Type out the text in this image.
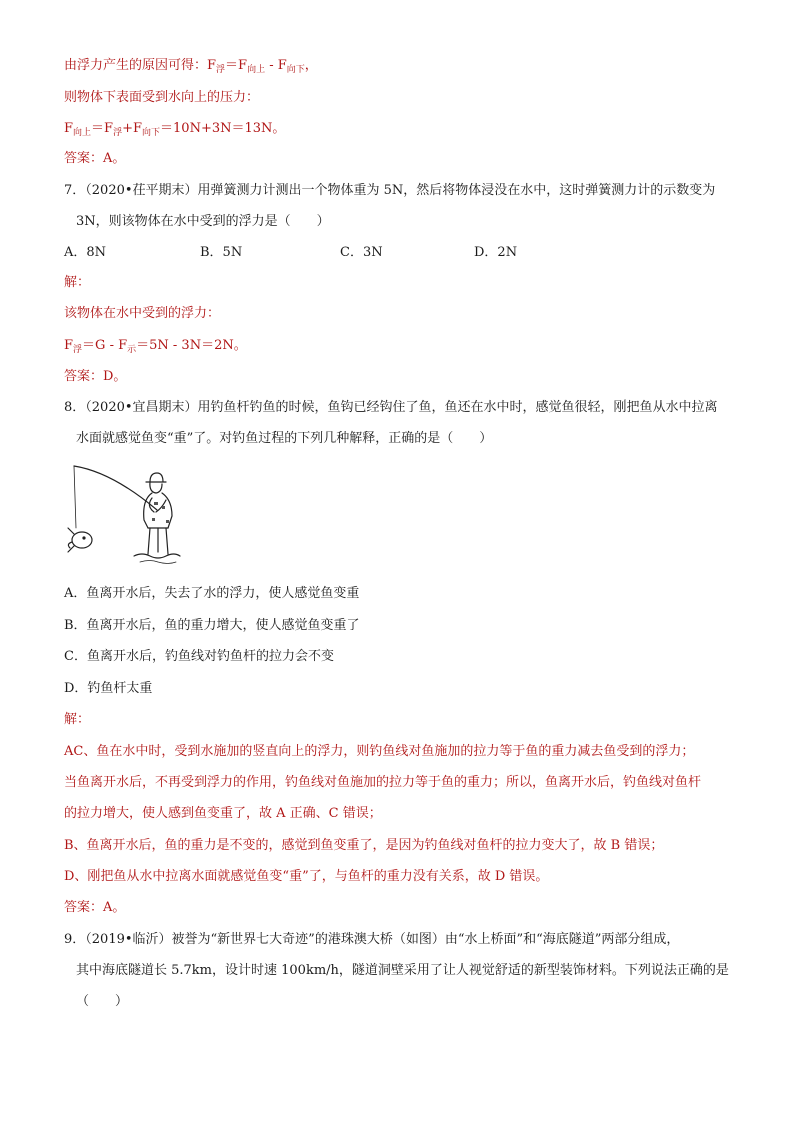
由浮力产生的原因可得：$F_浮=F_{向上} - F_{向下}$，
则物体下表面受到水向上的压力：
$F_{向上}=F_浮+F_{向下}=10N+3N=13N$。
答案：A。
7．（2020•茌平期末）用弹簧测力计测出一个物体重为 5N，然后将物体浸没在水中，这时弹簧测力计的示数变为
3N，则该物体在水中受到的浮力是（　　）
A．8N	B．5N	C．3N	D．2N
解：
该物体在水中受到的浮力：
$F_浮=G - F_示=5N - 3N=2N$。
答案：D。
8．（2020•宜昌期末）用钓鱼杆钓鱼的时候，鱼钩已经钩住了鱼，鱼还在水中时，感觉鱼很轻，刚把鱼从水中拉离
水面就感觉鱼变“重”了。对钓鱼过程的下列几种解释，正确的是（　　）
A．鱼离开水后，失去了水的浮力，使人感觉鱼变重
B．鱼离开水后，鱼的重力增大，使人感觉鱼变重了
C．鱼离开水后，钓鱼线对钓鱼杆的拉力会不变
D．钓鱼杆太重
解：
AC、鱼在水中时，受到水施加的竖直向上的浮力，则钓鱼线对鱼施加的拉力等于鱼的重力减去鱼受到的浮力；
当鱼离开水后，不再受到浮力的作用，钓鱼线对鱼施加的拉力等于鱼的重力；所以，鱼离开水后，钓鱼线对鱼杆
的拉力增大，使人感到鱼变重了，故 A 正确、C 错误；
B、鱼离开水后，鱼的重力是不变的，感觉到鱼变重了，是因为钓鱼线对鱼杆的拉力变大了，故 B 错误；
D、刚把鱼从水中拉离水面就感觉鱼变“重”了，与鱼杆的重力没有关系，故 D 错误。
答案：A。
9．（2019•临沂）被誉为“新世界七大奇迹”的港珠澳大桥（如图）由“水上桥面”和“海底隧道”两部分组成，
其中海底隧道长 5.7km，设计时速 100km/h，隧道洞壁采用了让人视觉舒适的新型装饰材料。下列说法正确的是
（　　）
